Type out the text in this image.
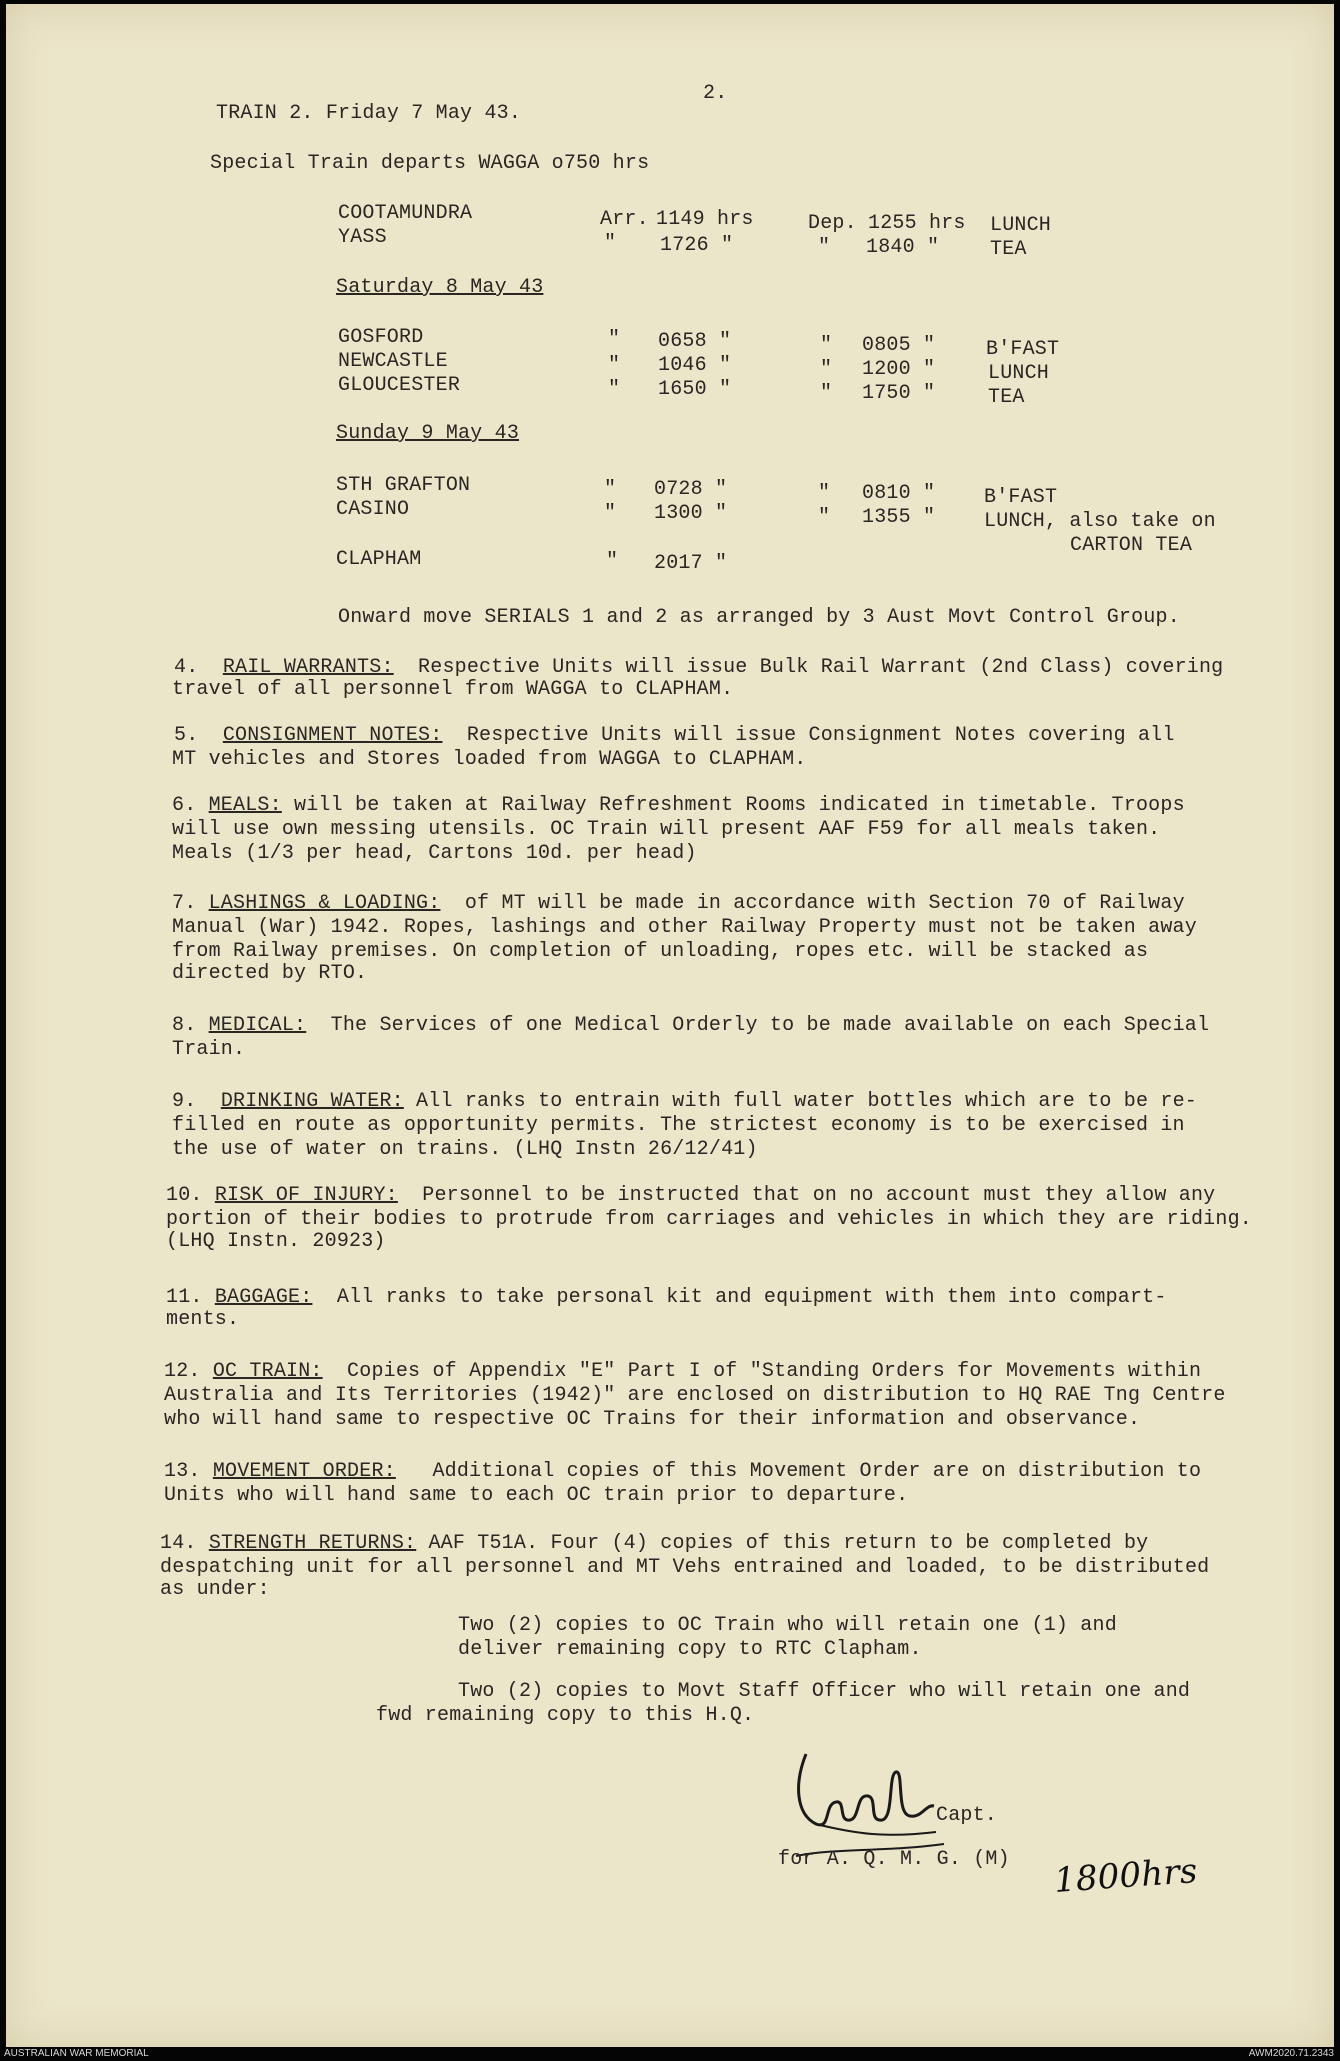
2.
TRAIN 2. Friday 7 May 43.
Special Train departs WAGGA o750 hrs
COOTAMUNDRA	Arr. 1149 hrs	Dep. 1255 hrs LUNCH
YASS	" 1726 "	" 1840 "	TEA
Saturday 8 May 43
GOSFORD	" 0658 "	" 0805 "	B'FAST
NEWCASTLE	" 1046 "	" 1200 "	LUNCH
GLOUCESTER	" 1650 "	" 1750 "	TEA
Sunday 9 May 43
STH GRAFTON	" 0728 "	" 0810 " B'FAST
CASINO	" 1300 "	" 1355 " LUNCH, also take on
CARTON TEA
CLAPHAM	" 2017 "
Onward move SERIALS 1 and 2 as arranged by 3 Aust Movt Control Group.
4. RAIL WARRANTS: Respective Units will issue Bulk Rail Warrant (2nd Class) covering
travel of all personnel from WAGGA to CLAPHAM.
5. CONSIGNMENT NOTES: Respective Units will issue Consignment Notes covering all
MT vehicles and Stores loaded from WAGGA to CLAPHAM.
6. MEALS: will be taken at Railway Refreshment Rooms indicated in timetable. Troops
will use own messing utensils. OC Train will present AAF F59 for all meals taken.
Meals (1/3 per head, Cartons 10d. per head)
7. LASHINGS & LOADING: of MT will be made in accordance with Section 70 of Railway
Manual (War) 1942. Ropes, lashings and other Railway Property must not be taken away
from Railway premises. On completion of unloading, ropes etc. will be stacked as
directed by RTO.
8. MEDICAL: The Services of one Medical Orderly to be made available on each Special
Train.
9. DRINKING WATER: All ranks to entrain with full water bottles which are to be re-
filled en route as opportunity permits. The strictest economy is to be exercised in
the use of water on trains. (LHQ Instn 26/12/41)
10. RISK OF INJURY: Personnel to be instructed that on no account must they allow any
portion of their bodies to protrude from carriages and vehicles in which they are riding.
(LHQ Instn. 20923)
11. BAGGAGE: All ranks to take personal kit and equipment with them into compart-
ments.
12. OC TRAIN: Copies of Appendix "E" Part I of "Standing Orders for Movements within
Australia and Its Territories (1942)" are enclosed on distribution to HQ RAE Tng Centre
who will hand same to respective OC Trains for their information and observance.
13. MOVEMENT ORDER: Additional copies of this Movement Order are on distribution to
Units who will hand same to each OC train prior to departure.
14. STRENGTH RETURNS: AAF T51A. Four (4) copies of this return to be completed by
despatching unit for all personnel and MT Vehs entrained and loaded, to be distributed
as under:
Two (2) copies to OC Train who will retain one (1) and
deliver remaining copy to RTC Clapham.
Two (2) copies to Movt Staff Officer who will retain one and
fwd remaining copy to this H.Q.
Capt.
for A. Q. M. G. (M) 1800hrs
AUSTRALIAN WAR MEMORIAL	AWM2020.71.2343
